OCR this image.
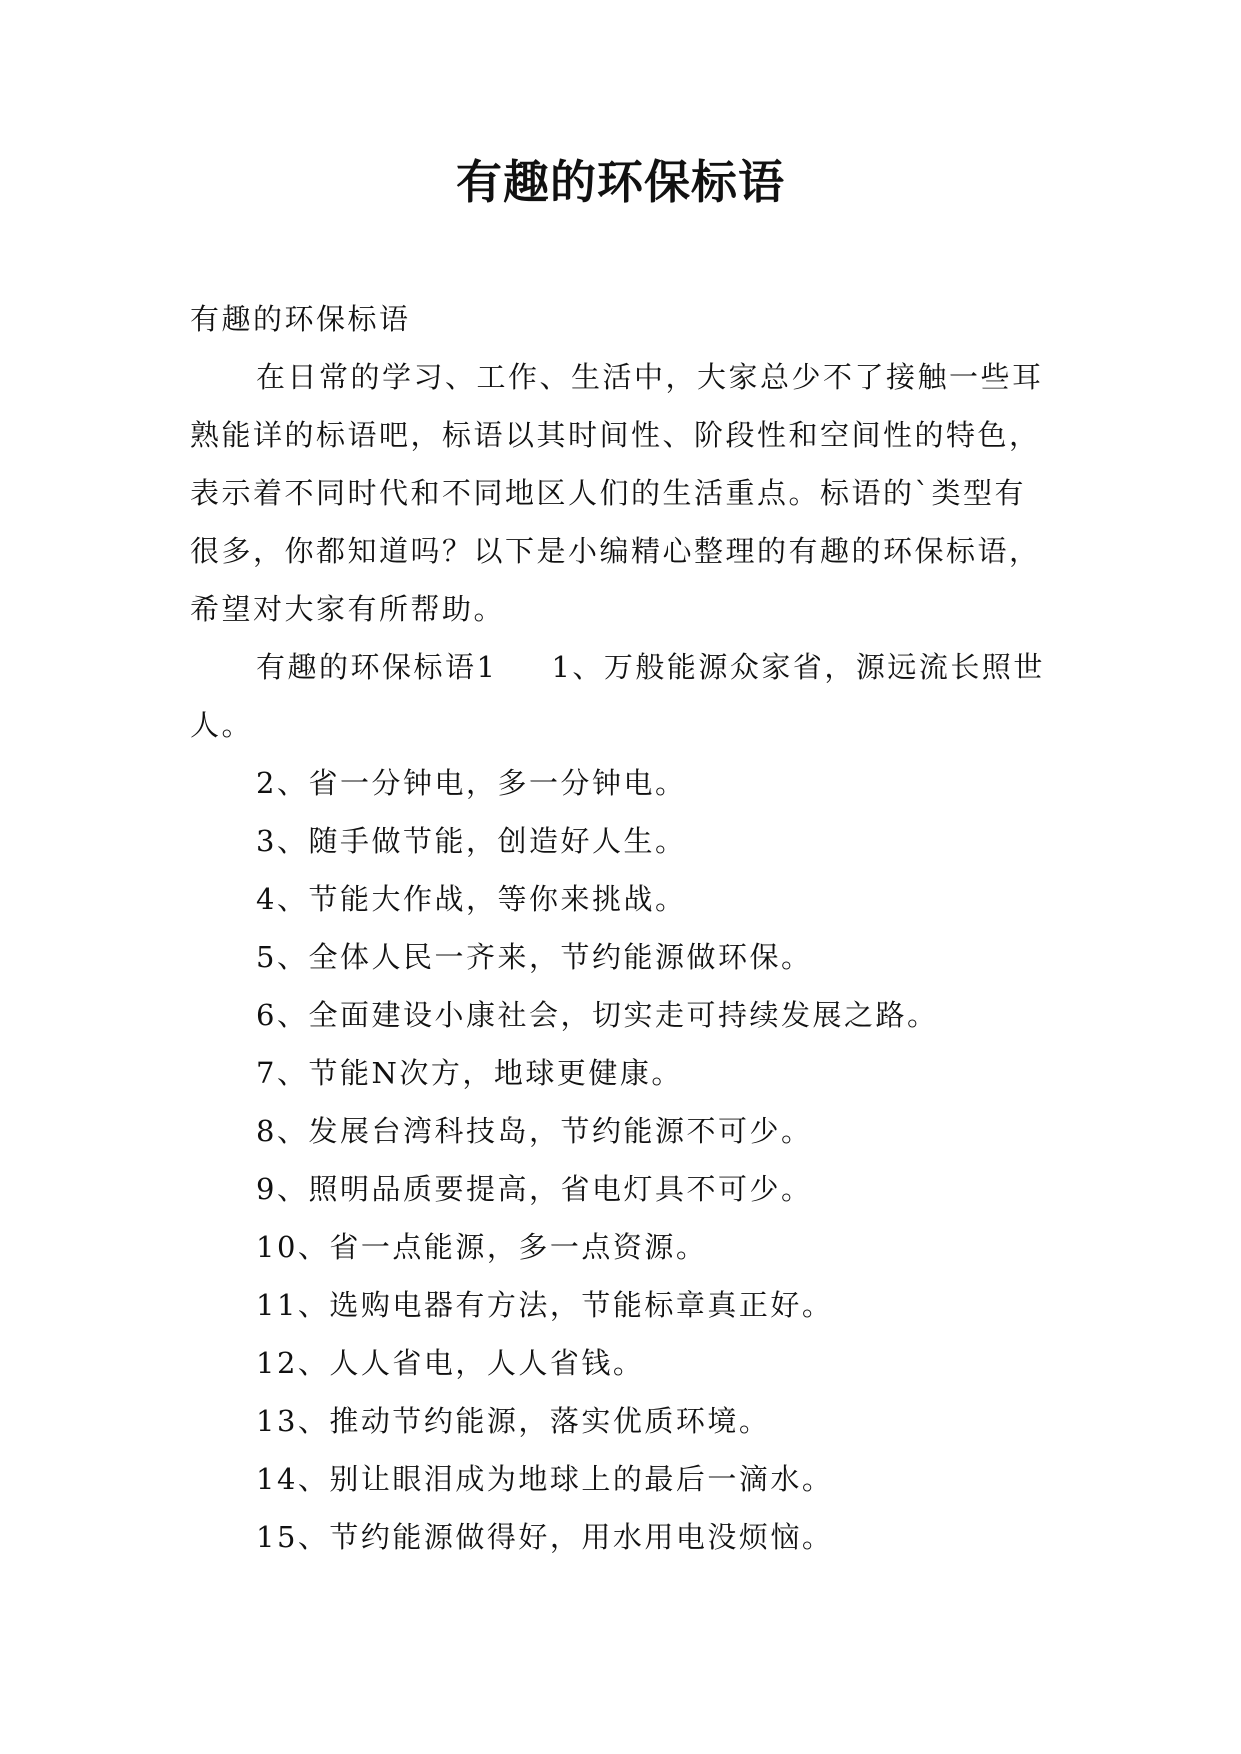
有趣的环保标语

有趣的环保标语

在日常的学习、工作、生活中，大家总少不了接触一些耳熟能详的标语吧，标语以其时间性、阶段性和空间性的特色，表示着不同时代和不同地区人们的生活重点。标语的`类型有很多，你都知道吗？以下是小编精心整理的有趣的环保标语，希望对大家有所帮助。

有趣的环保标语1 1、万般能源众家省，源远流长照世人。

2、省一分钟电，多一分钟电。

3、随手做节能，创造好人生。

4、节能大作战，等你来挑战。

5、全体人民一齐来，节约能源做环保。

6、全面建设小康社会，切实走可持续发展之路。

7、节能N次方，地球更健康。

8、发展台湾科技岛，节约能源不可少。

9、照明品质要提高，省电灯具不可少。

10、省一点能源，多一点资源。

11、选购电器有方法，节能标章真正好。

12、人人省电，人人省钱。

13、推动节约能源，落实优质环境。

14、别让眼泪成为地球上的最后一滴水。

15、节约能源做得好，用水用电没烦恼。
